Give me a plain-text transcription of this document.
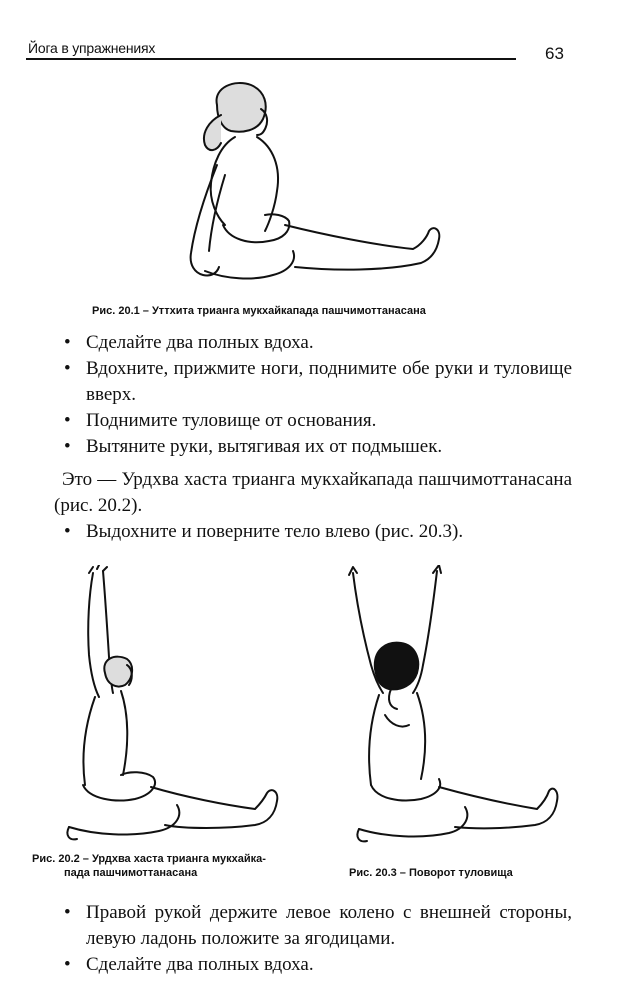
Йога в упражнениях	63
Рис. 20.1 – Уттхита трианга мукхайкапада пашчимоттанасана
• Сделайте два полных вдоха.
• Вдохните, прижмите ноги, поднимите обе руки и туловище вверх.
• Поднимите туловище от основания.
• Вытяните руки, вытягивая их от подмышек.
Это — Урдхва хаста трианга мукхайкапада пашчимоттанасана (рис. 20.2).
• Выдохните и поверните тело влево (рис. 20.3).
Рис. 20.2 – Урдхва хаста трианга мукхайка-
пада пашчимоттанасана	Рис. 20.3 – Поворот туловища
• Правой рукой держите левое колено с внешней стороны, левую ладонь положите за ягодицами.
• Сделайте два полных вдоха.
